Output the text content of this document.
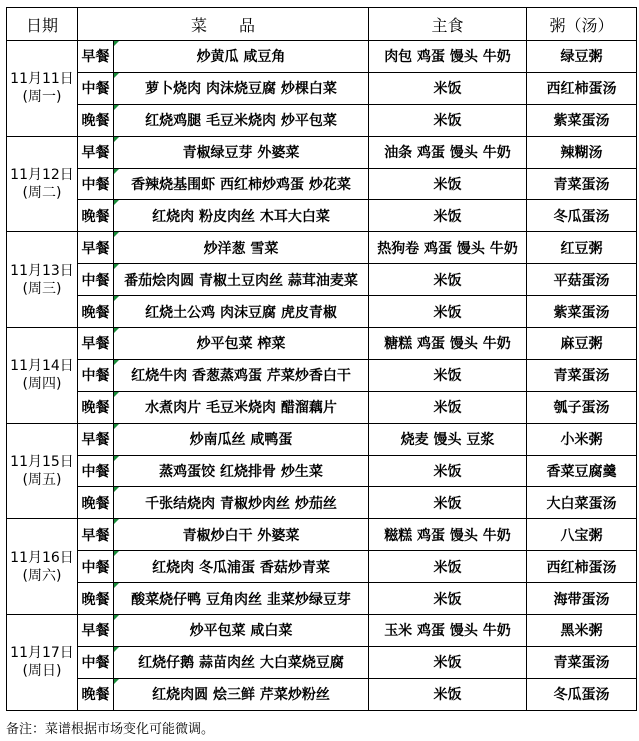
日期	菜　　品		主食	粥（汤）

11月11日
(周一)	早餐	炒黄瓜 咸豆角	肉包 鸡蛋 馒头 牛奶	绿豆粥
	中餐	萝卜烧肉 肉沫烧豆腐 炒棵白菜	米饭	西红柿蛋汤
	晚餐	红烧鸡腿 毛豆米烧肉 炒平包菜	米饭	紫菜蛋汤

11月12日
(周二)	早餐	青椒绿豆芽 外婆菜	油条 鸡蛋 馒头 牛奶	辣糊汤
	中餐	香辣烧基围虾 西红柿炒鸡蛋 炒花菜	米饭	青菜蛋汤
	晚餐	红烧肉 粉皮肉丝 木耳大白菜	米饭	冬瓜蛋汤

11月13日
(周三)	早餐	炒洋葱 雪菜	热狗卷 鸡蛋 馒头 牛奶	红豆粥
	中餐	番茄烩肉圆 青椒土豆肉丝 蒜茸油麦菜	米饭	平菇蛋汤
	晚餐	红烧土公鸡 肉沫豆腐 虎皮青椒	米饭	紫菜蛋汤

11月14日
(周四)	早餐	炒平包菜 榨菜	糖糕 鸡蛋 馒头 牛奶	麻豆粥
	中餐	红烧牛肉 香葱蒸鸡蛋 芹菜炒香白干	米饭	青菜蛋汤
	晚餐	水煮肉片 毛豆米烧肉 醋溜藕片	米饭	瓠子蛋汤

11月15日
(周五)	早餐	炒南瓜丝 咸鸭蛋	烧麦 馒头 豆浆	小米粥
	中餐	蒸鸡蛋饺 红烧排骨 炒生菜	米饭	香菜豆腐羹
	晚餐	千张结烧肉 青椒炒肉丝 炒茄丝	米饭	大白菜蛋汤

11月16日
(周六)	早餐	青椒炒白干 外婆菜	糍糕 鸡蛋 馒头 牛奶	八宝粥
	中餐	红烧肉 冬瓜浦蛋 香菇炒青菜	米饭	西红柿蛋汤
	晚餐	酸菜烧仔鸭 豆角肉丝 韭菜炒绿豆芽	米饭	海带蛋汤

11月17日
(周日)	早餐	炒平包菜 咸白菜	玉米 鸡蛋 馒头 牛奶	黑米粥
	中餐	红烧仔鹅 蒜苗肉丝 大白菜烧豆腐	米饭	青菜蛋汤
	晚餐	红烧肉圆 烩三鲜 芹菜炒粉丝	米饭	冬瓜蛋汤
备注：菜谱根据市场变化可能微调。
